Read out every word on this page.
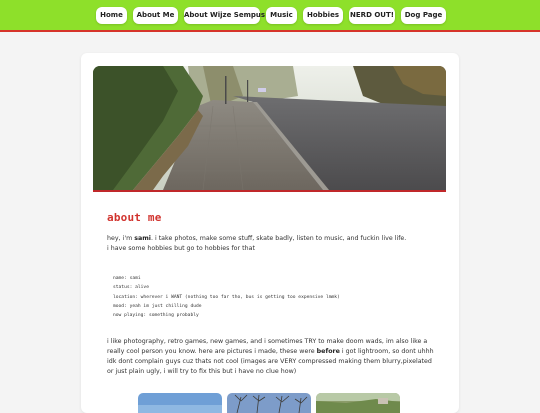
Home	About Me	About Wijze Sempus Music	Hobbies	NERD OUT!	Dog Page
about me
hey, i'm sami. i take photos, make some stuff, skate badly, listen to music, and fuckin live life.
i have some hobbies but go to hobbies for that
name: sami
status: alive
location: wherever i WANT (nothing too far tho, bus is getting too expensive lmmk)
mood: yeah im just chilling dude
now playing: something probably
i like photography, retro games, new games, and i sometimes TRY to make doom wads, im also like a really cool person you know. here are pictures i made, these were before i got lightroom, so dont uhhh idk dont complain guys cuz thats not cool (images are VERY compressed making them blurry,pixelated or just plain ugly, i will try to fix this but i have no clue how)
